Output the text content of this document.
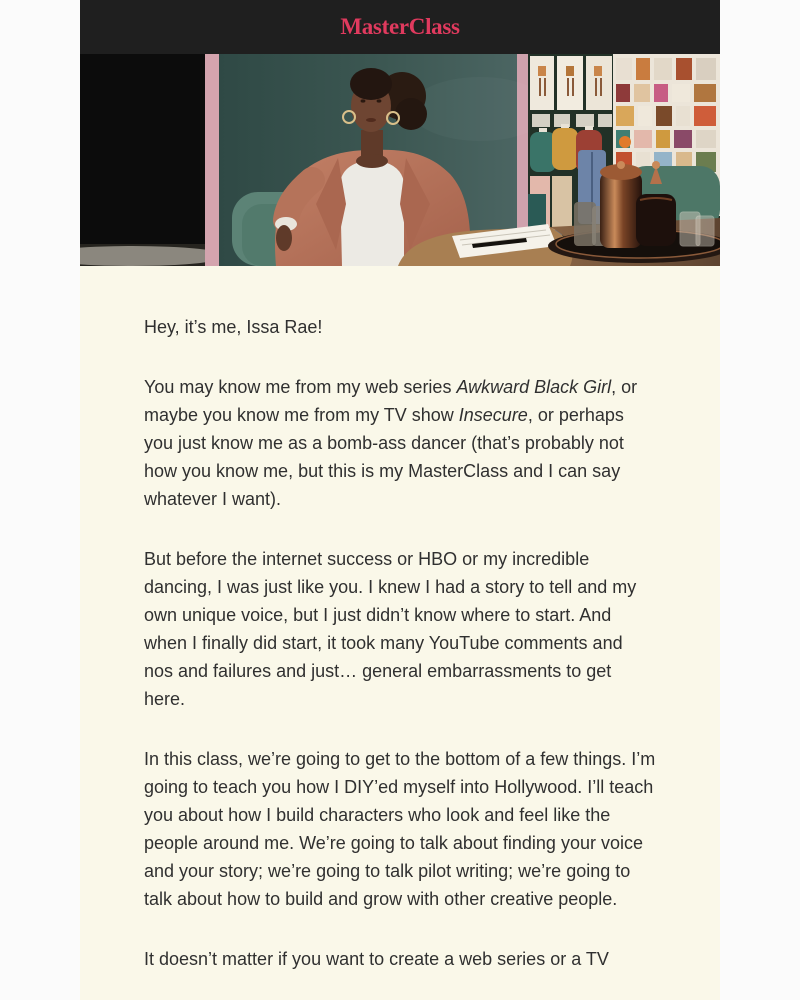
MasterClass

Hey, it’s me, Issa Rae!

You may know me from my web series Awkward Black Girl, or maybe you know me from my TV show Insecure, or perhaps you just know me as a bomb-ass dancer (that’s probably not how you know me, but this is my MasterClass and I can say whatever I want).

But before the internet success or HBO or my incredible dancing, I was just like you. I knew I had a story to tell and my own unique voice, but I just didn’t know where to start. And when I finally did start, it took many YouTube comments and nos and failures and just… general embarrassments to get here.

In this class, we’re going to get to the bottom of a few things. I’m going to teach you how I DIY’ed myself into Hollywood. I’ll teach you about how I build characters who look and feel like the people around me. We’re going to talk about finding your voice and your story; we’re going to talk pilot writing; we’re going to talk about how to build and grow with other creative people.

It doesn’t matter if you want to create a web series or a TV
